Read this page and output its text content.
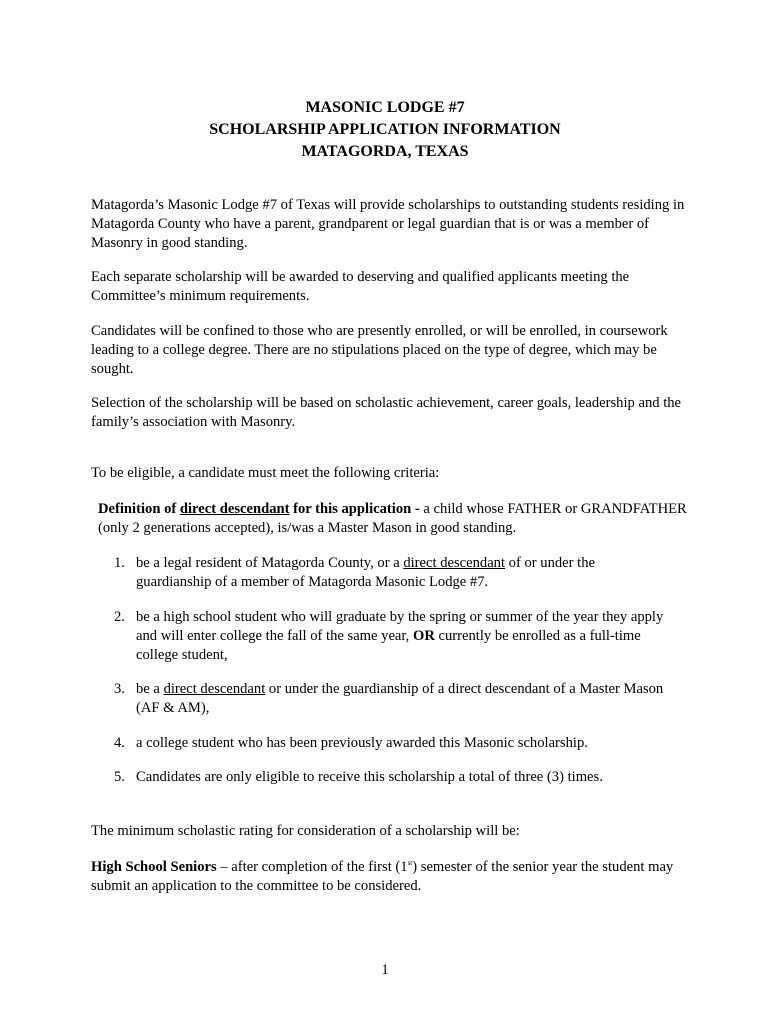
MASONIC LODGE #7
SCHOLARSHIP APPLICATION INFORMATION
MATAGORDA, TEXAS

Matagorda’s Masonic Lodge #7 of Texas will provide scholarships to outstanding students residing in Matagorda County who have a parent, grandparent or legal guardian that is or was a member of Masonry in good standing.

Each separate scholarship will be awarded to deserving and qualified applicants meeting the Committee’s minimum requirements.

Candidates will be confined to those who are presently enrolled, or will be enrolled, in coursework leading to a college degree. There are no stipulations placed on the type of degree, which may be sought.

Selection of the scholarship will be based on scholastic achievement, career goals, leadership and the family’s association with Masonry.

To be eligible, a candidate must meet the following criteria:

Definition of direct descendant for this application - a child whose FATHER or GRANDFATHER (only 2 generations accepted), is/was a Master Mason in good standing.

1. be a legal resident of Matagorda County, or a direct descendant of or under the guardianship of a member of Matagorda Masonic Lodge #7.
2. be a high school student who will graduate by the spring or summer of the year they apply and will enter college the fall of the same year, OR currently be enrolled as a full-time college student,
3. be a direct descendant or under the guardianship of a direct descendant of a Master Mason (AF & AM),
4. a college student who has been previously awarded this Masonic scholarship.
5. Candidates are only eligible to receive this scholarship a total of three (3) times.

The minimum scholastic rating for consideration of a scholarship will be:

High School Seniors – after completion of the first (1st) semester of the senior year the student may submit an application to the committee to be considered.

1
